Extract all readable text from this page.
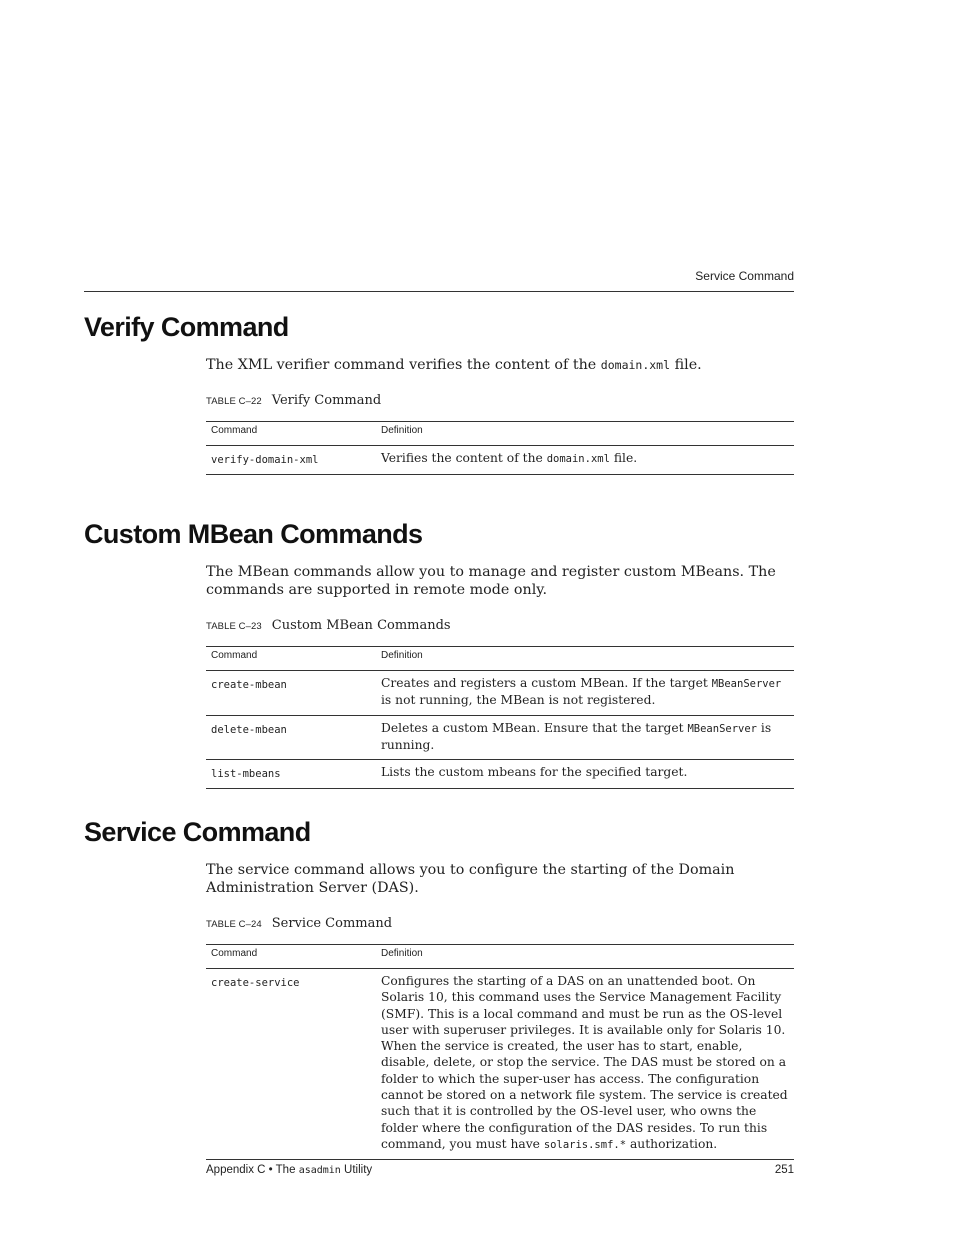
Service Command
Verify Command

The XML verifier command verifies the content of the domain.xml file.

TABLE C–22 Verify Command
Command	Definition
verify-domain-xml	Verifies the content of the domain.xml file.
Custom MBean Commands

The MBean commands allow you to manage and register custom MBeans. The commands are supported in remote mode only.

TABLE C–23 Custom MBean Commands
Command	Definition
create-mbean	Creates and registers a custom MBean. If the target MBeanServer is not running, the MBean is not registered.
delete-mbean	Deletes a custom MBean. Ensure that the target MBeanServer is running.
list-mbeans	Lists the custom mbeans for the specified target.
Service Command

The service command allows you to configure the starting of the Domain Administration Server (DAS).

TABLE C–24 Service Command
Command	Definition
create-service	Configures the starting of a DAS on an unattended boot. On Solaris 10, this command uses the Service Management Facility (SMF). This is a local command and must be run as the OS-level user with superuser privileges. It is available only for Solaris 10. When the service is created, the user has to start, enable, disable, delete, or stop the service. The DAS must be stored on a folder to which the super-user has access. The configuration cannot be stored on a network file system. The service is created such that it is controlled by the OS-level user, who owns the folder where the configuration of the DAS resides. To run this command, you must have solaris.smf.* authorization.
Appendix C • The asadmin Utility	251
